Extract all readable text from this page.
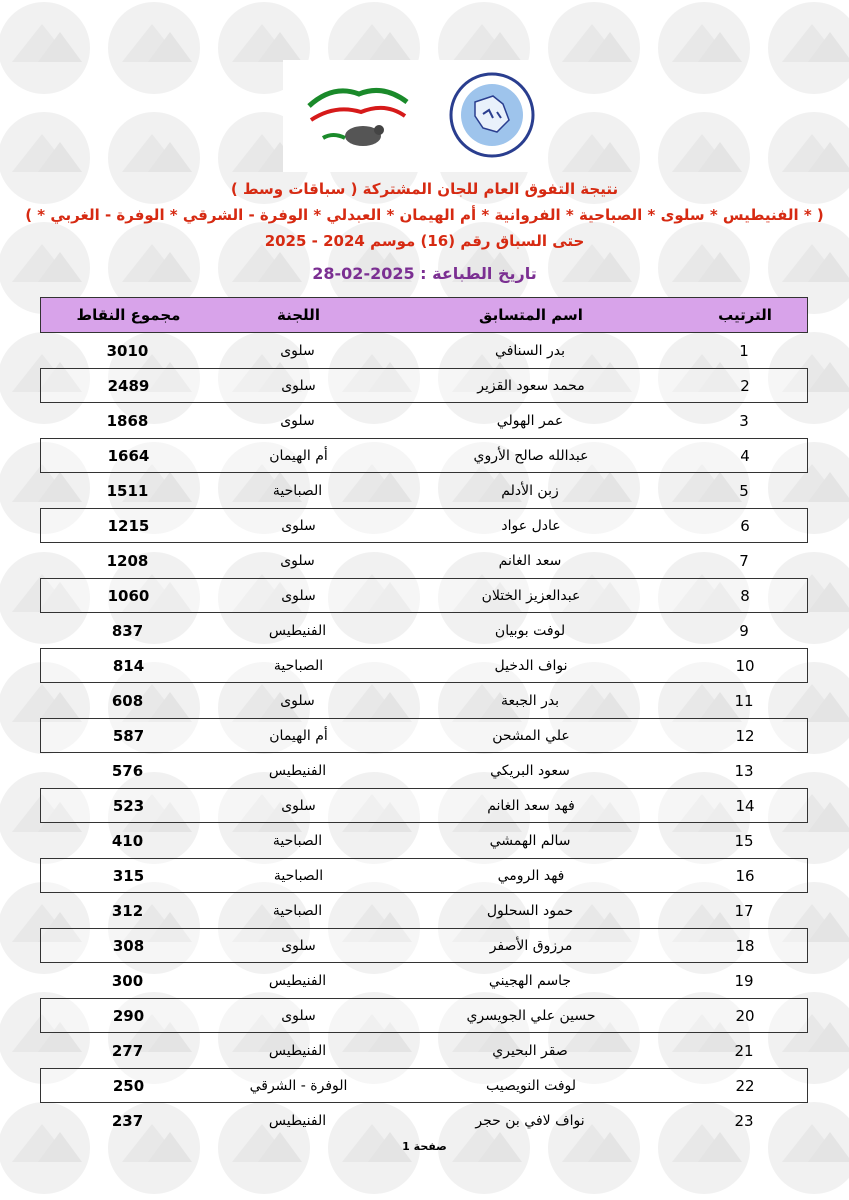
نتيجة التفوق العام للجان المشتركة ( سباقات وسط )
( * الفنيطيس * سلوى * الصباحية * الفروانية * أم الهيمان * العبدلي * الوفرة - الشرقي * الوفرة - الغربي * )
حتى السباق رقم (16) موسم 2024 - 2025
تاريخ الطباعة : 2025-02-28
الترتيب
اسم المتسابق
اللجنة
مجموع النقاط
1
بدر السنافي
سلوى
3010
2
محمد سعود القزير
سلوى
2489
3
عمر الهولي
سلوى
1868
4
عبدالله صالح الأروي
أم الهيمان
1664
5
زبن الأدلم
الصباحية
1511
6
عادل عواد
سلوى
1215
7
سعد الغانم
سلوى
1208
8
عبدالعزيز الختلان
سلوى
1060
9
لوفت بوبيان
الفنيطيس
837
10
نواف الدخيل
الصباحية
814
11
بدر الجبعة
سلوى
608
12
علي المشحن
أم الهيمان
587
13
سعود البريكي
الفنيطيس
576
14
فهد سعد الغانم
سلوى
523
15
سالم الهمشي
الصباحية
410
16
فهد الرومي
الصباحية
315
17
حمود السحلول
الصباحية
312
18
مرزوق الأصفر
سلوى
308
19
جاسم الهجيني
الفنيطيس
300
20
حسين علي الجويسري
سلوى
290
21
صقر البحيري
الفنيطيس
277
22
لوفت النويصيب
الوفرة - الشرقي
250
23
نواف لافي بن حجر
الفنيطيس
237
صفحة 1
